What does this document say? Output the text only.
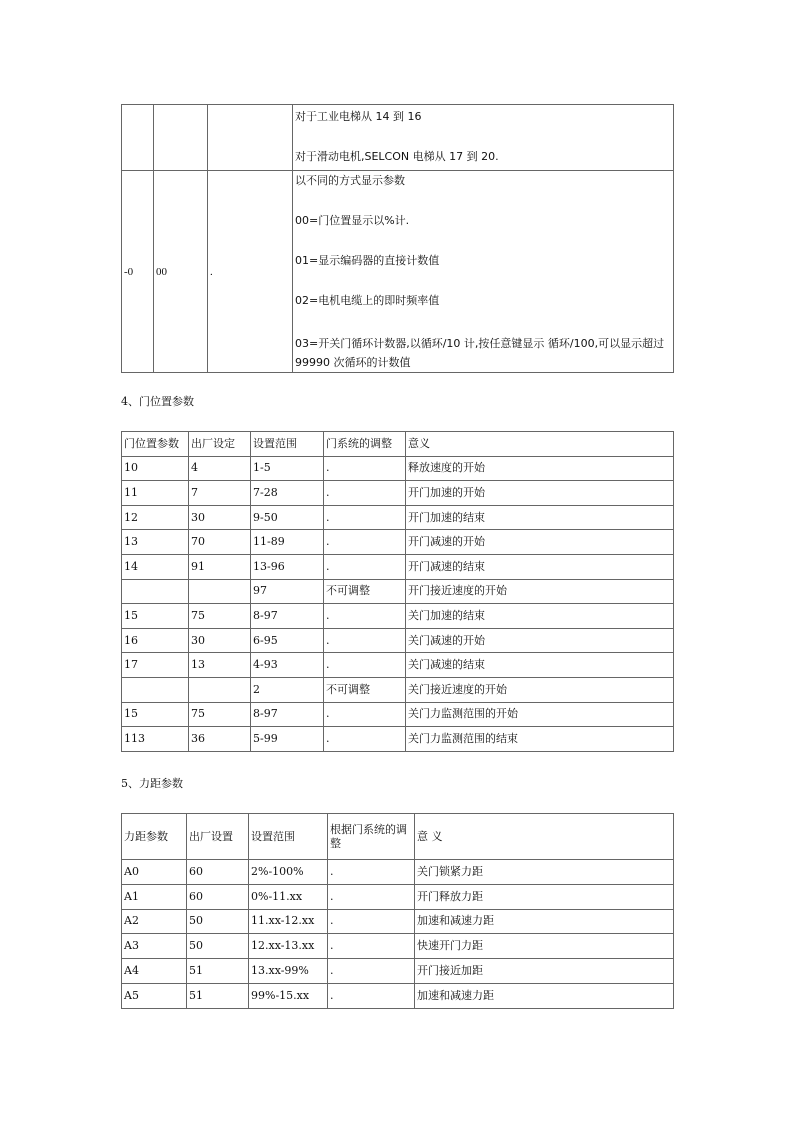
			对于工业电梯从 14 到 16
对于滑动电机,SELCON 电梯从 17 到 20.

-0	00	.	以不同的方式显示参数
00=门位置显示以%计.
01=显示编码器的直接计数值
02=电机电缆上的即时频率值
03=开关门循环计数器,以循环/10 计,按任意键显示 循环/100,可以显示超过 99990 次循环的计数值
4、门位置参数
门位置参数	出厂设定	设置范围	门系统的调整	意义
10	4	1-5	.	释放速度的开始
11	7	7-28	.	开门加速的开始
12	30	9-50	.	开门加速的结束
13	70	11-89	.	开门减速的开始
14	91	13-96	.	开门减速的结束
		97	不可调整	开门接近速度的开始
15	75	8-97	.	关门加速的结束
16	30	6-95	.	关门减速的开始
17	13	4-93	.	关门减速的结束
		2	不可调整	关门接近速度的开始
15	75	8-97	.	关门力监测范围的开始
113	36	5-99	.	关门力监测范围的结束
5、力距参数
力距参数	出厂设置	设置范围	根据门系统的调整	意 义
A0	60	2%-100%	.	关门锁紧力距
A1	60	0%-11.xx	.	开门释放力距
A2	50	11.xx-12.xx	.	加速和减速力距
A3	50	12.xx-13.xx	.	快速开门力距
A4	51	13.xx-99%	.	开门接近加距
A5	51	99%-15.xx	.	加速和减速力距
